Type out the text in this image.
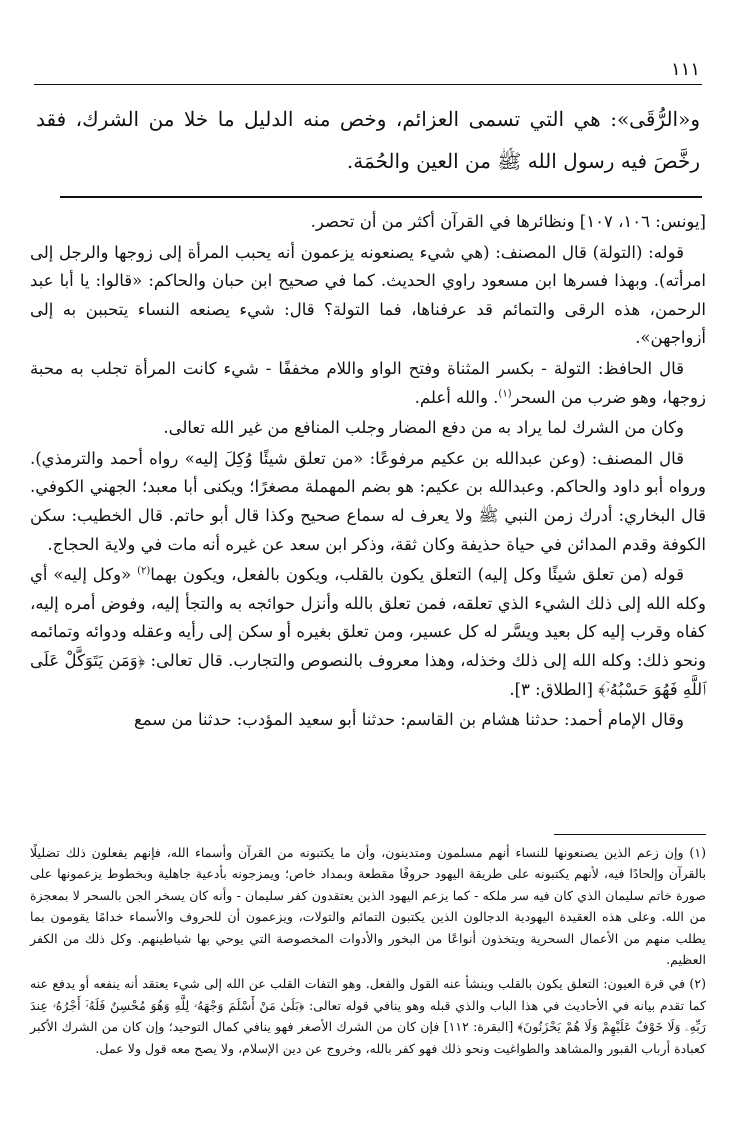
١١١

و«الرُّقَى»: هي التي تسمى العزائم، وخص منه الدليل ما خلا من الشرك، فقد رخَّصَ فيه رسول الله ﷺ من العين والحُمَة.

[يونس: ١٠٦، ١٠٧] ونظائرها في القرآن أكثر من أن تحصر.

قوله: (التولة) قال المصنف: (هي شيء يصنعونه يزعمون أنه يحبب المرأة إلى زوجها والرجل إلى امرأته). وبهذا فسرها ابن مسعود راوي الحديث. كما في صحيح ابن حبان والحاكم: «قالوا: يا أبا عبد الرحمن، هذه الرقى والتمائم قد عرفناها، فما التولة؟ قال: شيء يصنعه النساء يتحببن به إلى أزواجهن».

قال الحافظ: التولة - بكسر المثناة وفتح الواو واللام مخففًا - شيء كانت المرأة تجلب به محبة زوجها، وهو ضرب من السحر$^{(١)}$. والله أعلم.

وكان من الشرك لما يراد به من دفع المضار وجلب المنافع من غير الله تعالى.

قال المصنف: (وعن عبدالله بن عكيم مرفوعًا: «من تعلق شيئًا وُكِلَ إليه» رواه أحمد والترمذي). ورواه أبو داود والحاكم. وعبدالله بن عكيم: هو بضم المهملة مصغرًا؛ ويكنى أبا معبد؛ الجهني الكوفي. قال البخاري: أدرك زمن النبي ﷺ ولا يعرف له سماع صحيح وكذا قال أبو حاتم. قال الخطيب: سكن الكوفة وقدم المدائن في حياة حذيفة وكان ثقة، وذكر ابن سعد عن غيره أنه مات في ولاية الحجاج.

قوله (من تعلق شيئًا وكل إليه) التعلق يكون بالقلب، ويكون بالفعل، ويكون بهما$^{(٢)}$ «وكل إليه» أي وكله الله إلى ذلك الشيء الذي تعلقه، فمن تعلق بالله وأنزل حوائجه به والتجأ إليه، وفوض أمره إليه، كفاه وقرب إليه كل بعيد ويسَّر له كل عسير، ومن تعلق بغيره أو سكن إلى رأيه وعقله ودوائه وتمائمه ونحو ذلك: وكله الله إلى ذلك وخذله، وهذا معروف بالنصوص والتجارب. قال تعالى: ﴿وَمَن يَتَوَكَّلْ عَلَى ٱللَّهِ فَهُوَ حَسْبُهُۥٓ﴾ [الطلاق: ٣].

وقال الإمام أحمد: حدثنا هشام بن القاسم: حدثنا أبو سعيد المؤدب: حدثنا من سمع

(١) وإن زعم الذين يصنعونها للنساء أنهم مسلمون ومتدينون، وأن ما يكتبونه من القرآن وأسماء الله، فإنهم يفعلون ذلك تضليلًا بالقرآن وإلحادًا فيه، لأنهم يكتبونه على طريقة اليهود حروفًا مقطعة وبمداد خاص؛ ويمزجونه بأدعية جاهلية وبخطوط يزعمونها على صورة خاتم سليمان الذي كان فيه سر ملكه - كما يزعم اليهود الذين يعتقدون كفر سليمان - وأنه كان يسخر الجن بالسحر لا بمعجزة من الله. وعلى هذه العقيدة اليهودية الدجالون الذين يكتبون التمائم والتولات، ويزعمون أن للحروف والأسماء خدامًا يقومون بما يطلب منهم من الأعمال السحرية ويتخذون أنواعًا من البخور والأدوات المخصوصة التي يوحي بها شياطينهم. وكل ذلك من الكفر العظيم.

(٢) في قرة العيون: التعلق يكون بالقلب وينشأ عنه القول والفعل. وهو التفات القلب عن الله إلى شيء يعتقد أنه ينفعه أو يدفع عنه كما تقدم بيانه في الأحاديث في هذا الباب والذي قبله وهو ينافي قوله تعالى: ﴿بَلَىٰ مَنْ أَسْلَمَ وَجْهَهُۥ لِلَّهِ وَهُوَ مُحْسِنٌ فَلَهُۥٓ أَجْرُهُۥ عِندَ رَبِّهِۦ وَلَا خَوْفٌ عَلَيْهِمْ وَلَا هُمْ يَحْزَنُونَ﴾ [البقرة: ١١٢] فإن كان من الشرك الأصغر فهو ينافي كمال التوحيد؛ وإن كان من الشرك الأكبر كعبادة أرباب القبور والمشاهد والطواغيت ونحو ذلك فهو كفر بالله، وخروج عن دين الإسلام، ولا يصح معه قول ولا عمل.
